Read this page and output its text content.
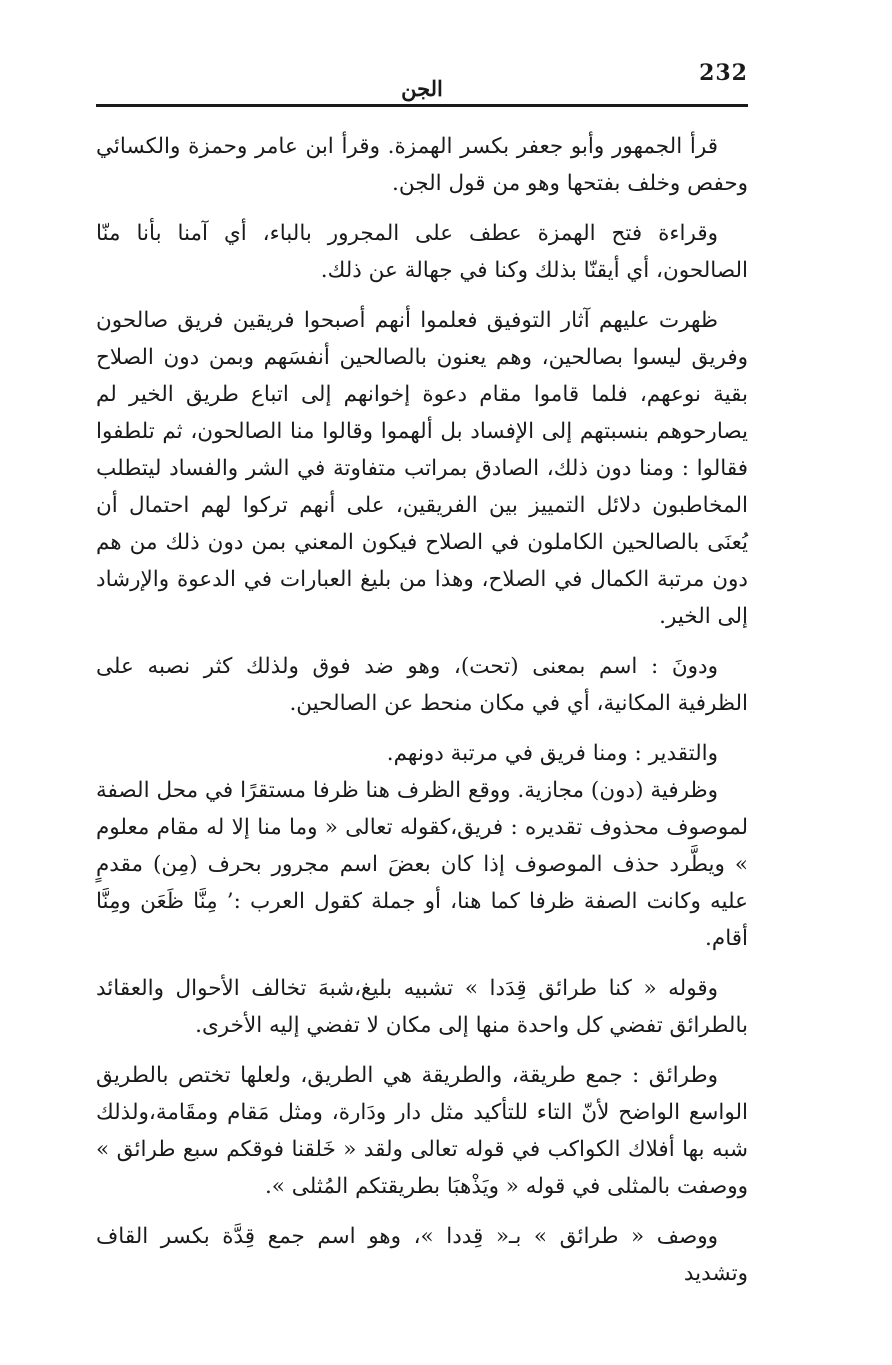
232
الجن

قرأ الجمهور وأبو جعفر بكسر الهمزة. وقرأ ابن عامر وحمزة والكسائي وحفص وخلف بفتحها وهو من قول الجن.

وقراءة فتح الهمزة عطف على المجرور بالباء، أي آمنا بأنا منّا الصالحون، أي أيقنّا بذلك وكنا في جهالة عن ذلك.

ظهرت عليهم آثار التوفيق فعلموا أنهم أصبحوا فريقين فريق صالحون وفريق ليسوا بصالحين، وهم يعنون بالصالحين أنفسَهم وبمن دون الصلاح بقية نوعهم، فلما قاموا مقام دعوة إخوانهم إلى اتباع طريق الخير لم يصارحوهم بنسبتهم إلى الإفساد بل ألهموا وقالوا منا الصالحون، ثم تلطفوا فقالوا : ومنا دون ذلك، الصادق بمراتب متفاوتة في الشر والفساد ليتطلب المخاطبون دلائل التمييز بين الفريقين، على أنهم تركوا لهم احتمال أن يُعنَى بالصالحين الكاملون في الصلاح فيكون المعني بمن دون ذلك من هم دون مرتبة الكمال في الصلاح، وهذا من بليغ العبارات في الدعوة والإرشاد إلى الخير.

ودونَ : اسم بمعنى (تحت)، وهو ضد فوق ولذلك كثر نصبه على الظرفية المكانية، أي في مكان منحط عن الصالحين.

والتقدير : ومنا فريق في مرتبة دونهم.

وظرفية (دون) مجازية. ووقع الظرف هنا ظرفا مستقرًا في محل الصفة لموصوف محذوف تقديره : فريق،كقوله تعالى « وما منا إلا له مقام معلوم » ويطَّرد حذف الموصوف إذا كان بعضَ اسم مجرور بحرف (مِن) مقدمٍ عليه وكانت الصفة ظرفا كما هنا، أو جملة كقول العرب :’ مِنَّا ظَعَن ومِنَّا أقام.

وقوله « كنا طرائق قِدَدا » تشبيه بليغ،شبهَ تخالف الأحوال والعقائد بالطرائق تفضي كل واحدة منها إلى مكان لا تفضي إليه الأخرى.

وطرائق : جمع طريقة، والطريقة هي الطريق، ولعلها تختص بالطريق الواسع الواضح لأنّ التاء للتأكيد مثل دار ودَارة، ومثل مَقام ومقَامة،ولذلك شبه بها أفلاك الكواكب في قوله تعالى ولقد « خَلقنا فوقكم سبع طرائق » ووصفت بالمثلى في قوله « ويَذْهبَا بطريقتكم المُثلى ».

ووصف « طرائق » بـ« قِددا »، وهو اسم جمع قِدَّة بكسر القاف وتشديد
